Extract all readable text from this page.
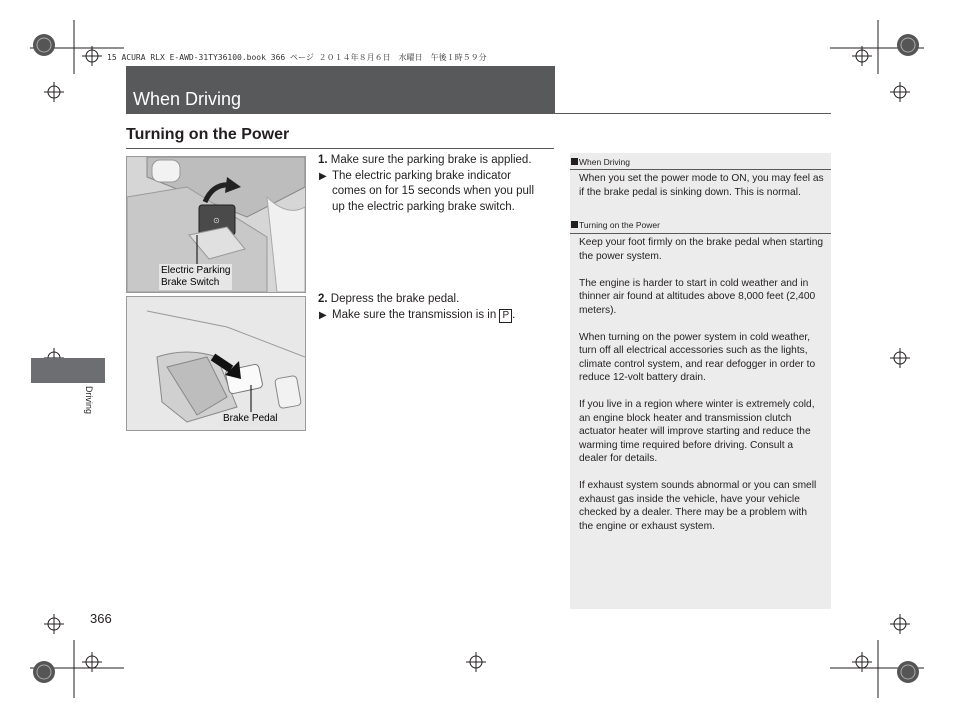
15 ACURA RLX E-AWD-31TY36100.book 366 ページ ２０１４年８月６日　水曜日　午後１時５９分
When Driving
Turning on the Power
Driving
⊙
Electric Parking
Brake Switch
Brake Pedal
1. Make sure the parking brake is applied.
▶ The electric parking brake indicator
comes on for 15 seconds when you pull
up the electric parking brake switch.
2. Depress the brake pedal.
▶ Make sure the transmission is in P .
When Driving
When you set the power mode to ON, you may feel as if the brake pedal is sinking down. This is normal.
Turning on the Power

Keep your foot firmly on the brake pedal when starting the power system.

The engine is harder to start in cold weather and in thinner air found at altitudes above 8,000 feet (2,400 meters).

When turning on the power system in cold weather, turn off all electrical accessories such as the lights, climate control system, and rear defogger in order to reduce 12-volt battery drain.

If you live in a region where winter is extremely cold, an engine block heater and transmission clutch actuator heater will improve starting and reduce the warming time required before driving. Consult a dealer for details.

If exhaust system sounds abnormal or you can smell exhaust gas inside the vehicle, have your vehicle checked by a dealer. There may be a problem with the engine or exhaust system.

366
